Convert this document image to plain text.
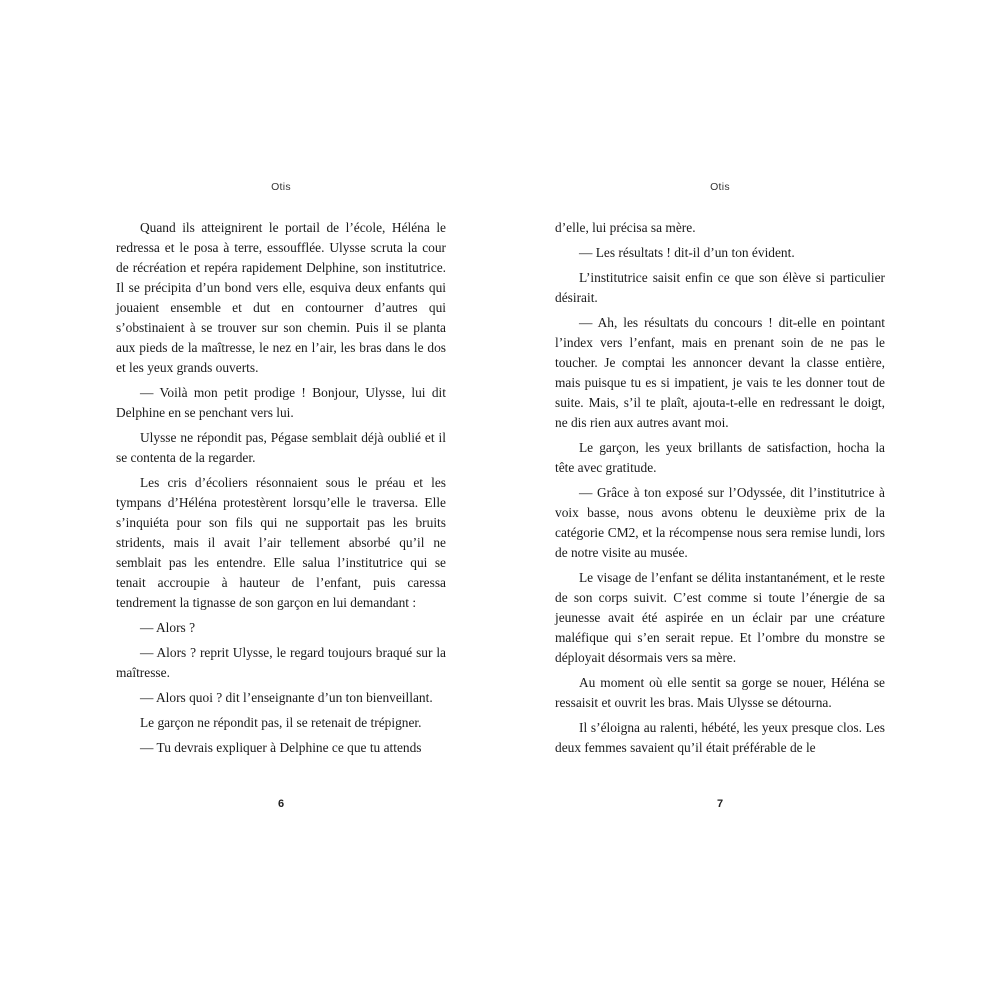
Otis

Quand ils atteignirent le portail de l’école, Héléna le redressa et le posa à terre, essoufflée. Ulysse scruta la cour de récréation et repéra rapidement Delphine, son institutrice. Il se précipita d’un bond vers elle, esquiva deux enfants qui jouaient ensemble et dut en contourner d’autres qui s’obstinaient à se trouver sur son chemin. Puis il se planta aux pieds de la maîtresse, le nez en l’air, les bras dans le dos et les yeux grands ouverts.

— Voilà mon petit prodige ! Bonjour, Ulysse, lui dit Delphine en se penchant vers lui.

Ulysse ne répondit pas, Pégase semblait déjà oublié et il se contenta de la regarder.

Les cris d’écoliers résonnaient sous le préau et les tympans d’Héléna protestèrent lorsqu’elle le traversa. Elle s’inquiéta pour son fils qui ne supportait pas les bruits stridents, mais il avait l’air tellement absorbé qu’il ne semblait pas les entendre. Elle salua l’institutrice qui se tenait accroupie à hauteur de l’enfant, puis caressa tendrement la tignasse de son garçon en lui demandant :

— Alors ?

— Alors ? reprit Ulysse, le regard toujours braqué sur la maîtresse.

— Alors quoi ? dit l’enseignante d’un ton bienveillant.

Le garçon ne répondit pas, il se retenait de trépigner.

— Tu devrais expliquer à Delphine ce que tu attends

6
Otis

d’elle, lui précisa sa mère.

— Les résultats ! dit-il d’un ton évident.

L’institutrice saisit enfin ce que son élève si particulier désirait.

— Ah, les résultats du concours ! dit-elle en pointant l’index vers l’enfant, mais en prenant soin de ne pas le toucher. Je comptai les annoncer devant la classe entière, mais puisque tu es si impatient, je vais te les donner tout de suite. Mais, s’il te plaît, ajouta-t-elle en redressant le doigt, ne dis rien aux autres avant moi.

Le garçon, les yeux brillants de satisfaction, hocha la tête avec gratitude.

— Grâce à ton exposé sur l’Odyssée, dit l’institutrice à voix basse, nous avons obtenu le deuxième prix de la catégorie CM2, et la récompense nous sera remise lundi, lors de notre visite au musée.

Le visage de l’enfant se délita instantanément, et le reste de son corps suivit. C’est comme si toute l’énergie de sa jeunesse avait été aspirée en un éclair par une créature maléfique qui s’en serait repue. Et l’ombre du monstre se déployait désormais vers sa mère.

Au moment où elle sentit sa gorge se nouer, Héléna se ressaisit et ouvrit les bras. Mais Ulysse se détourna.

Il s’éloigna au ralenti, hébété, les yeux presque clos. Les deux femmes savaient qu’il était préférable de le

7
